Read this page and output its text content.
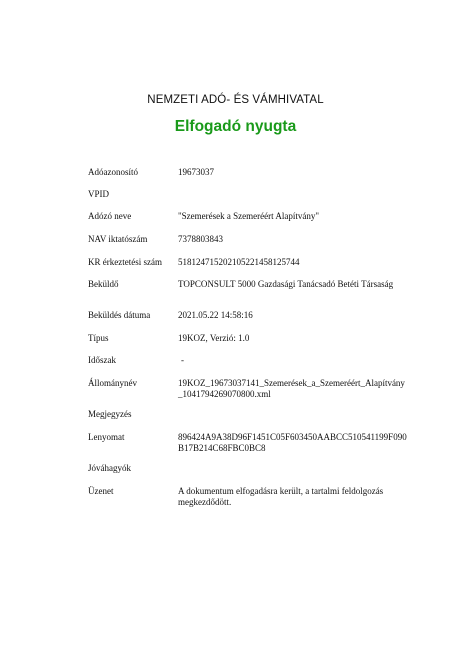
NEMZETI ADÓ- ÉS VÁMHIVATAL
Elfogadó nyugta
Adóazonosító	19673037
VPID
Adózó neve	"Szemerések a Szemeréért Alapítvány"
NAV iktatószám	7378803843
KR érkeztetési szám	518124715202105221458125744
Beküldő	TOPCONSULT 5000 Gazdasági Tanácsadó Betéti Társaság
Beküldés dátuma	2021.05.22 14:58:16
Típus	19KOZ, Verzió: 1.0
Időszak	-
Állománynév	19KOZ_19673037141_Szemerések_a_Szemeréért_Alapítvány_1041794269070800.xml
Megjegyzés
Lenyomat	896424A9A38D96F1451C05F603450AABCC510541199F090B17B214C68FBC0BC8
Jóváhagyók
Üzenet	A dokumentum elfogadásra került, a tartalmi feldolgozás megkezdődött.
